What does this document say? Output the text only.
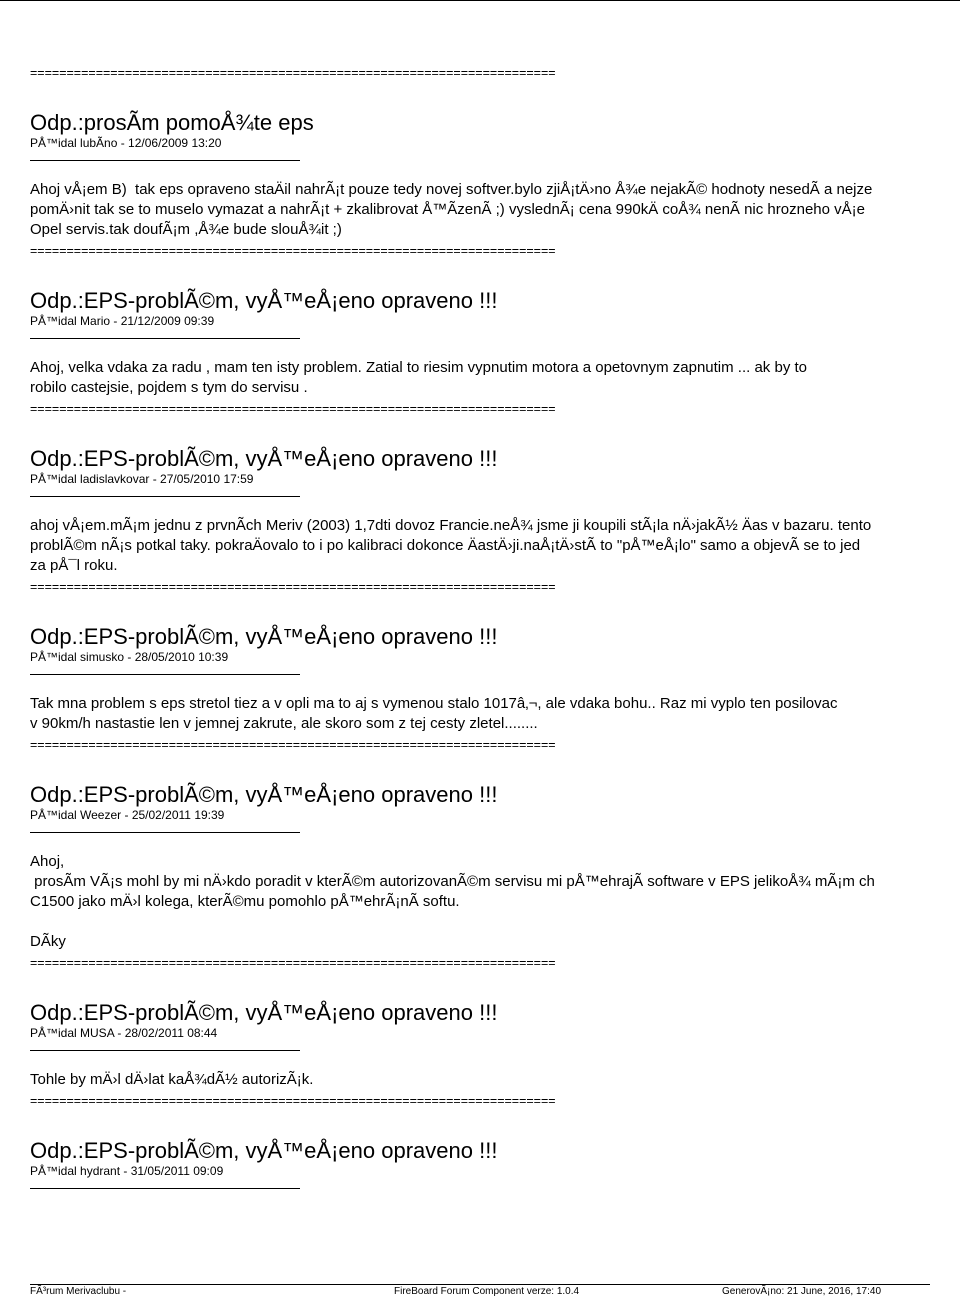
========================================================================
Odp.:prosÃm pomoÅ¾te eps
PÅ™idal lubÃno - 12/06/2009 13:20

Ahoj vÅ¡em B)  tak eps opraveno staÄil nahrÃ¡t pouze tedy novej softver.bylo zjiÅ¡tÄ›no Å¾e nejakÃ© hodnoty nesedÃ a nejze

pomÄ›nit tak se to muselo vymazat a nahrÃ¡t + zkalibrovat Å™ÃzenÃ ;) vyslednÃ¡ cena 990kÄ coÅ¾ nenÃ nic hrozneho vÅ¡e

Opel servis.tak doufÃ¡m ,Å¾e bude slouÅ¾it ;)

========================================================================
Odp.:EPS-problÃ©m, vyÅ™eÅ¡eno opraveno !!!
PÅ™idal Mario - 21/12/2009 09:39

Ahoj, velka vdaka za radu , mam ten isty problem. Zatial to riesim vypnutim motora a opetovnym zapnutim ... ak by to

robilo castejsie, pojdem s tym do servisu .

========================================================================
Odp.:EPS-problÃ©m, vyÅ™eÅ¡eno opraveno !!!
PÅ™idal ladislavkovar - 27/05/2010 17:59

ahoj vÅ¡em.mÃ¡m jednu z prvnÃch Meriv (2003) 1,7dti dovoz Francie.neÅ¾ jsme ji koupili stÃ¡la nÄ›jakÃ½ Äas v bazaru. tento

problÃ©m nÃ¡s potkal taky. pokraÄovalo to i po kalibraci dokonce ÄastÄ›ji.naÅ¡tÄ›stÃ to "pÅ™eÅ¡lo" samo a objevÃ se to jed

za pÅ¯l roku.

========================================================================
Odp.:EPS-problÃ©m, vyÅ™eÅ¡eno opraveno !!!
PÅ™idal simusko - 28/05/2010 10:39

Tak mna problem s eps stretol tiez a v opli ma to aj s vymenou stalo 1017â‚¬, ale vdaka bohu.. Raz mi vyplo ten posilovac

v 90km/h nastastie len v jemnej zakrute, ale skoro som z tej cesty zletel........

========================================================================
Odp.:EPS-problÃ©m, vyÅ™eÅ¡eno opraveno !!!
PÅ™idal Weezer - 25/02/2011 19:39

Ahoj,

prosÃm VÃ¡s mohl by mi nÄ›kdo poradit v kterÃ©m autorizovanÃ©m servisu mi pÅ™ehrajÃ software v EPS jelikoÅ¾ mÃ¡m ch

C1500 jako mÄ›l kolega, kterÃ©mu pomohlo pÅ™ehrÃ¡nÃ softu.

DÃky

========================================================================
Odp.:EPS-problÃ©m, vyÅ™eÅ¡eno opraveno !!!
PÅ™idal MUSA - 28/02/2011 08:44

Tohle by mÄ›l dÄ›lat kaÅ¾dÃ½ autorizÃ¡k.

========================================================================
Odp.:EPS-problÃ©m, vyÅ™eÅ¡eno opraveno !!!
PÅ™idal hydrant - 31/05/2011 09:09
FÃ³rum Merivaclubu -	FireBoard Forum Component verze: 1.0.4	GenerovÃ¡no: 21 June, 2016, 17:40
